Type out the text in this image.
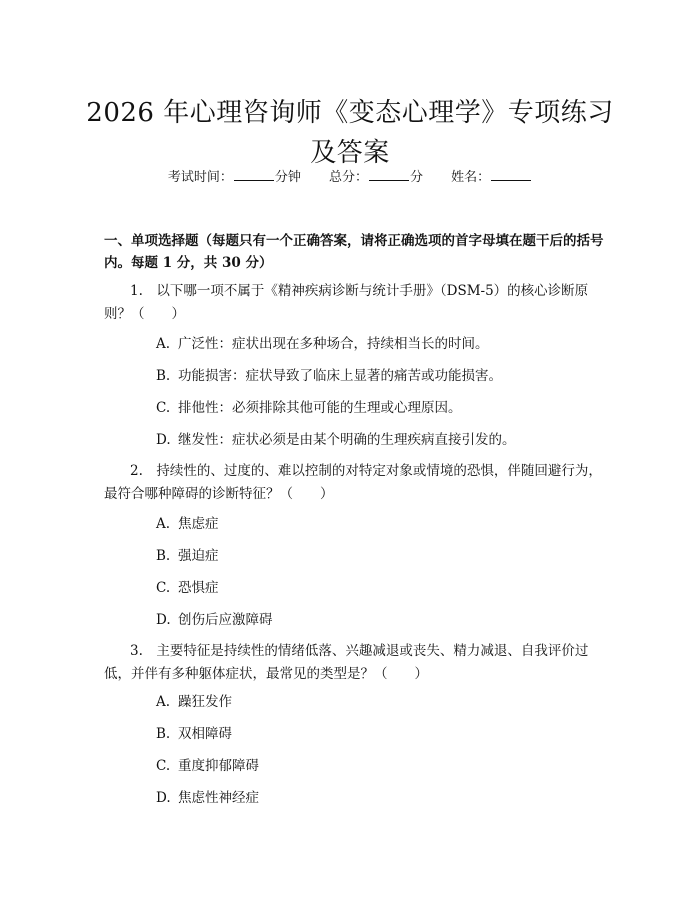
2026 年心理咨询师《变态心理学》专项练习
及答案
考试时间：	分钟 总分：	分 姓名：
一、单项选择题（每题只有一个正确答案，请将正确选项的首字母填在题干后的括号内。每题 1 分，共 30 分）
1.　以下哪一项不属于《精神疾病诊断与统计手册》（DSM-5）的核心诊断原则？（　　）
A. 广泛性：症状出现在多种场合，持续相当长的时间。
B. 功能损害：症状导致了临床上显著的痛苦或功能损害。
C. 排他性：必须排除其他可能的生理或心理原因。
D. 继发性：症状必须是由某个明确的生理疾病直接引发的。
2.　持续性的、过度的、难以控制的对特定对象或情境的恐惧，伴随回避行为，最符合哪种障碍的诊断特征？（　　）
A. 焦虑症
B. 强迫症
C. 恐惧症
D. 创伤后应激障碍
3.　主要特征是持续性的情绪低落、兴趣减退或丧失、精力减退、自我评价过低，并伴有多种躯体症状，最常见的类型是？（　　）
A. 躁狂发作
B. 双相障碍
C. 重度抑郁障碍
D. 焦虑性神经症
